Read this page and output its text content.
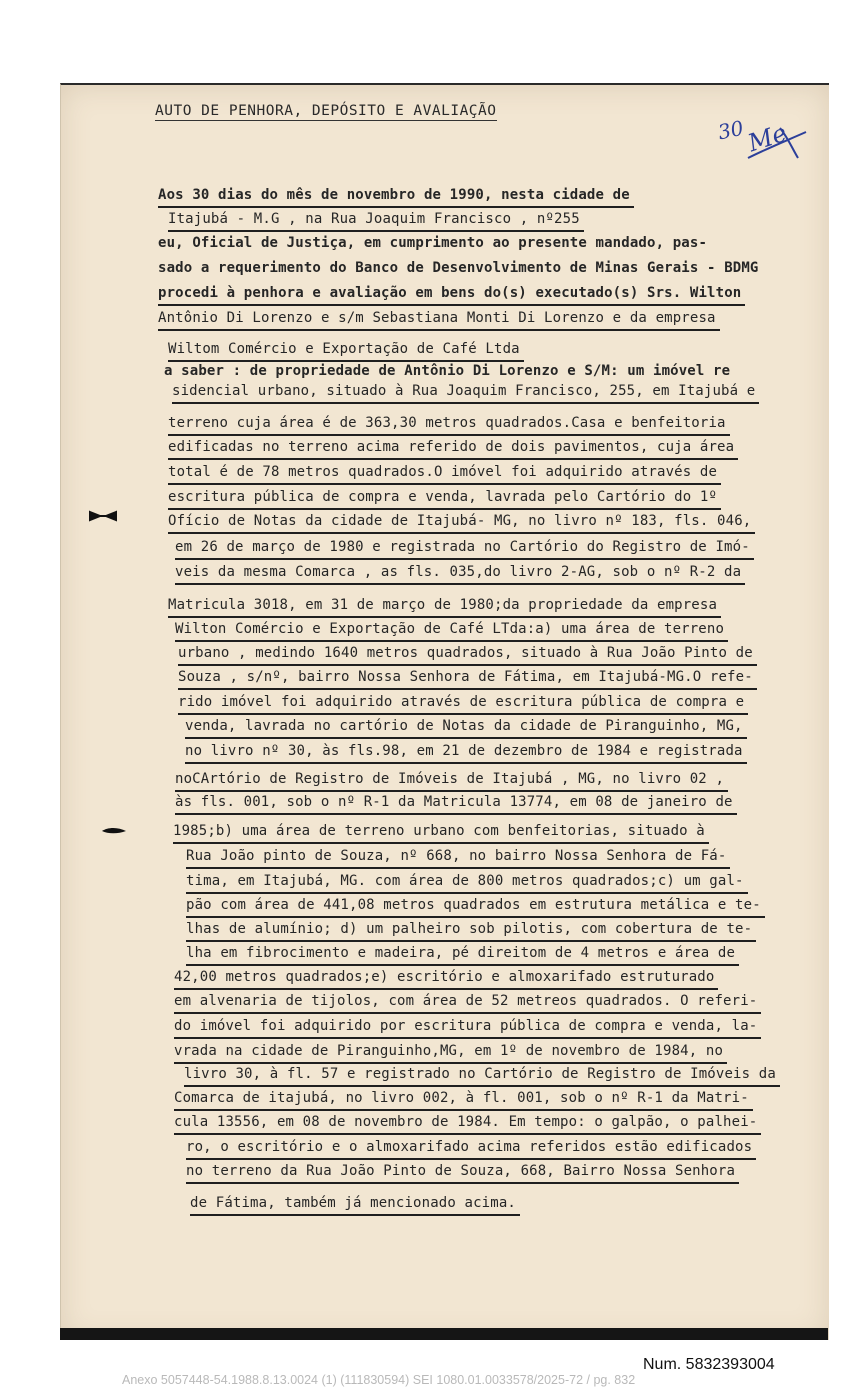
AUTO DE PENHORA, DEPÓSITO E AVALIAÇÃO
30
Me
Aos 30 dias do mês de novembro de 1990, nesta cidade de
Itajubá - M.G , na Rua Joaquim Francisco , nº255
eu, Oficial de Justiça, em cumprimento ao presente mandado, pas-
sado a requerimento do Banco de Desenvolvimento de Minas Gerais - BDMG
procedi à penhora e avaliação em bens do(s) executado(s) Srs. Wilton
Antônio Di Lorenzo e s/m Sebastiana Monti Di Lorenzo e da empresa
Wiltom Comércio e Exportação de Café Ltda
a saber : de propriedade de Antônio Di Lorenzo e S/M: um imóvel re
sidencial urbano, situado à Rua Joaquim Francisco, 255, em Itajubá e
terreno cuja área é de 363,30 metros quadrados.Casa e benfeitoria
edificadas no terreno acima referido de dois pavimentos, cuja área
total é de 78 metros quadrados.O imóvel foi adquirido através de
escritura pública de compra e venda, lavrada pelo Cartório do 1º
Ofício de Notas da cidade de Itajubá- MG, no livro nº 183, fls. 046,
em 26 de março de 1980 e registrada no Cartório do Registro de Imó-
veis da mesma Comarca , as fls. 035,do livro 2-AG, sob o nº R-2 da
Matricula 3018, em 31 de março de 1980;da propriedade da empresa
Wilton Comércio e Exportação de Café LTda:a) uma área de terreno
urbano , medindo 1640 metros quadrados, situado à Rua João Pinto de
Souza , s/nº, bairro Nossa Senhora de Fátima, em Itajubá-MG.O refe-
rido imóvel foi adquirido através de escritura pública de compra e
venda, lavrada no cartório de Notas da cidade de Piranguinho, MG,
no livro nº 30, às fls.98, em 21 de dezembro de 1984 e registrada
noCArtório de Registro de Imóveis de Itajubá , MG, no livro 02 ,
às fls. 001, sob o nº R-1 da Matricula 13774, em 08 de janeiro de
1985;b) uma área de terreno urbano com benfeitorias, situado à
Rua João pinto de Souza, nº 668, no bairro Nossa Senhora de Fá-
tima, em Itajubá, MG. com área de 800 metros quadrados;c) um gal-
pão com área de 441,08 metros quadrados em estrutura metálica e te-
lhas de alumínio; d) um palheiro sob pilotis, com cobertura de te-
lha em fibrocimento e madeira, pé direitom de 4 metros e área de
42,00 metros quadrados;e) escritório e almoxarifado estruturado
em alvenaria de tijolos, com área de 52 metreos quadrados. O referi-
do imóvel foi adquirido por escritura pública de compra e venda, la-
vrada na cidade de Piranguinho,MG, em 1º de novembro de 1984, no
livro 30, à fl. 57 e registrado no Cartório de Registro de Imóveis da
Comarca de itajubá, no livro 002, à fl. 001, sob o nº R-1 da Matri-
cula 13556, em 08 de novembro de 1984. Em tempo: o galpão, o palhei-
ro, o escritório e o almoxarifado acima referidos estão edificados
no terreno da Rua João Pinto de Souza, 668, Bairro Nossa Senhora
de Fátima, também já mencionado acima.
Num. 5832393004
Anexo 5057448-54.1988.8.13.0024 (1) (111830594) SEI 1080.01.0033578/2025-72 / pg. 832
